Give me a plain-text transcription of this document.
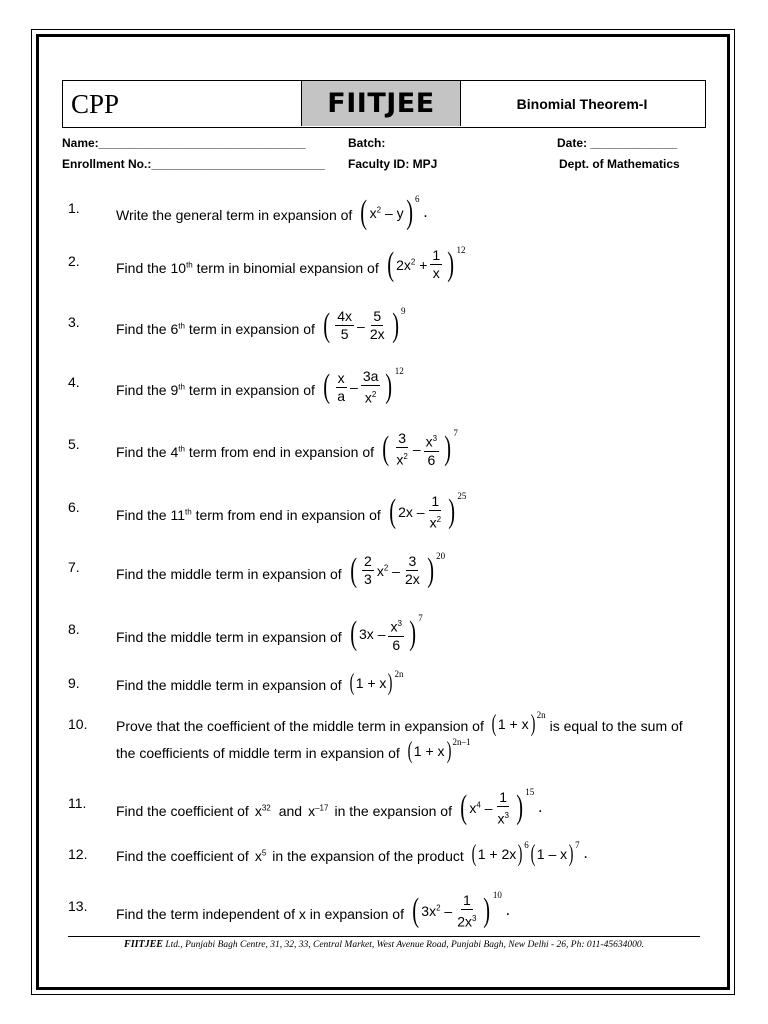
CPP	FIITJEE	Binomial Theorem-I
Name:_______________________________	Batch:	Date: _____________
Enrollment No.:__________________________ Faculty ID: MPJ	Dept. of Mathematics
1.	Write the general term in expansion of ( $x^2$ – y ) 6
.
2.	Find the 10th term in binomial expansion of ( $2x^2 + \frac{1}{x}$ ) 12
3.	Find the 6th term in expansion of ( $\frac{4x}{5} - \frac{5}{2x}$ ) 9
4.
Find the 9th term in expansion of ( $\frac{x}{a} - \frac{3a}{x^2}$ ) 12
5.
Find the 4th term from end in expansion of ( $\frac{3}{x^2} - \frac{x^3}{6}$ ) 7
6.
Find the 11th term from end in expansion of ( $2x - \frac{1}{x^2}$ ) 25
7.	Find the middle term in expansion of ( $\frac{2}{3} x^2 - \frac{3}{2x}$ ) 20
8.
Find the middle term in expansion of ( $3x - \frac{x^3}{6}$ ) 7
9.	Find the middle term in expansion of ( 1 + x ) 2n
10. Prove that the coefficient of the middle term in expansion of ( 1 + x ) 2n
is equal to the sum of
the coefficients of middle term in expansion of ( 1 + x ) 2n–1
11.
Find the coefficient of $x^{32}$ and $x^{-17}$ in the expansion of ( $x^4 - \frac{1}{x^3}$ ) 15
.
12. Find the coefficient of $x^5$ in the expansion of the product ( 1 + 2x ) 6 ( 1 – x ) 7 .
13.
Find the term independent of x in expansion of ( $3x^2 - \frac{1}{2x^3}$ ) 10
.
FIITJEE Ltd., Punjabi Bagh Centre, 31, 32, 33, Central Market, West Avenue Road, Punjabi Bagh, New Delhi - 26, Ph: 011-45634000.
